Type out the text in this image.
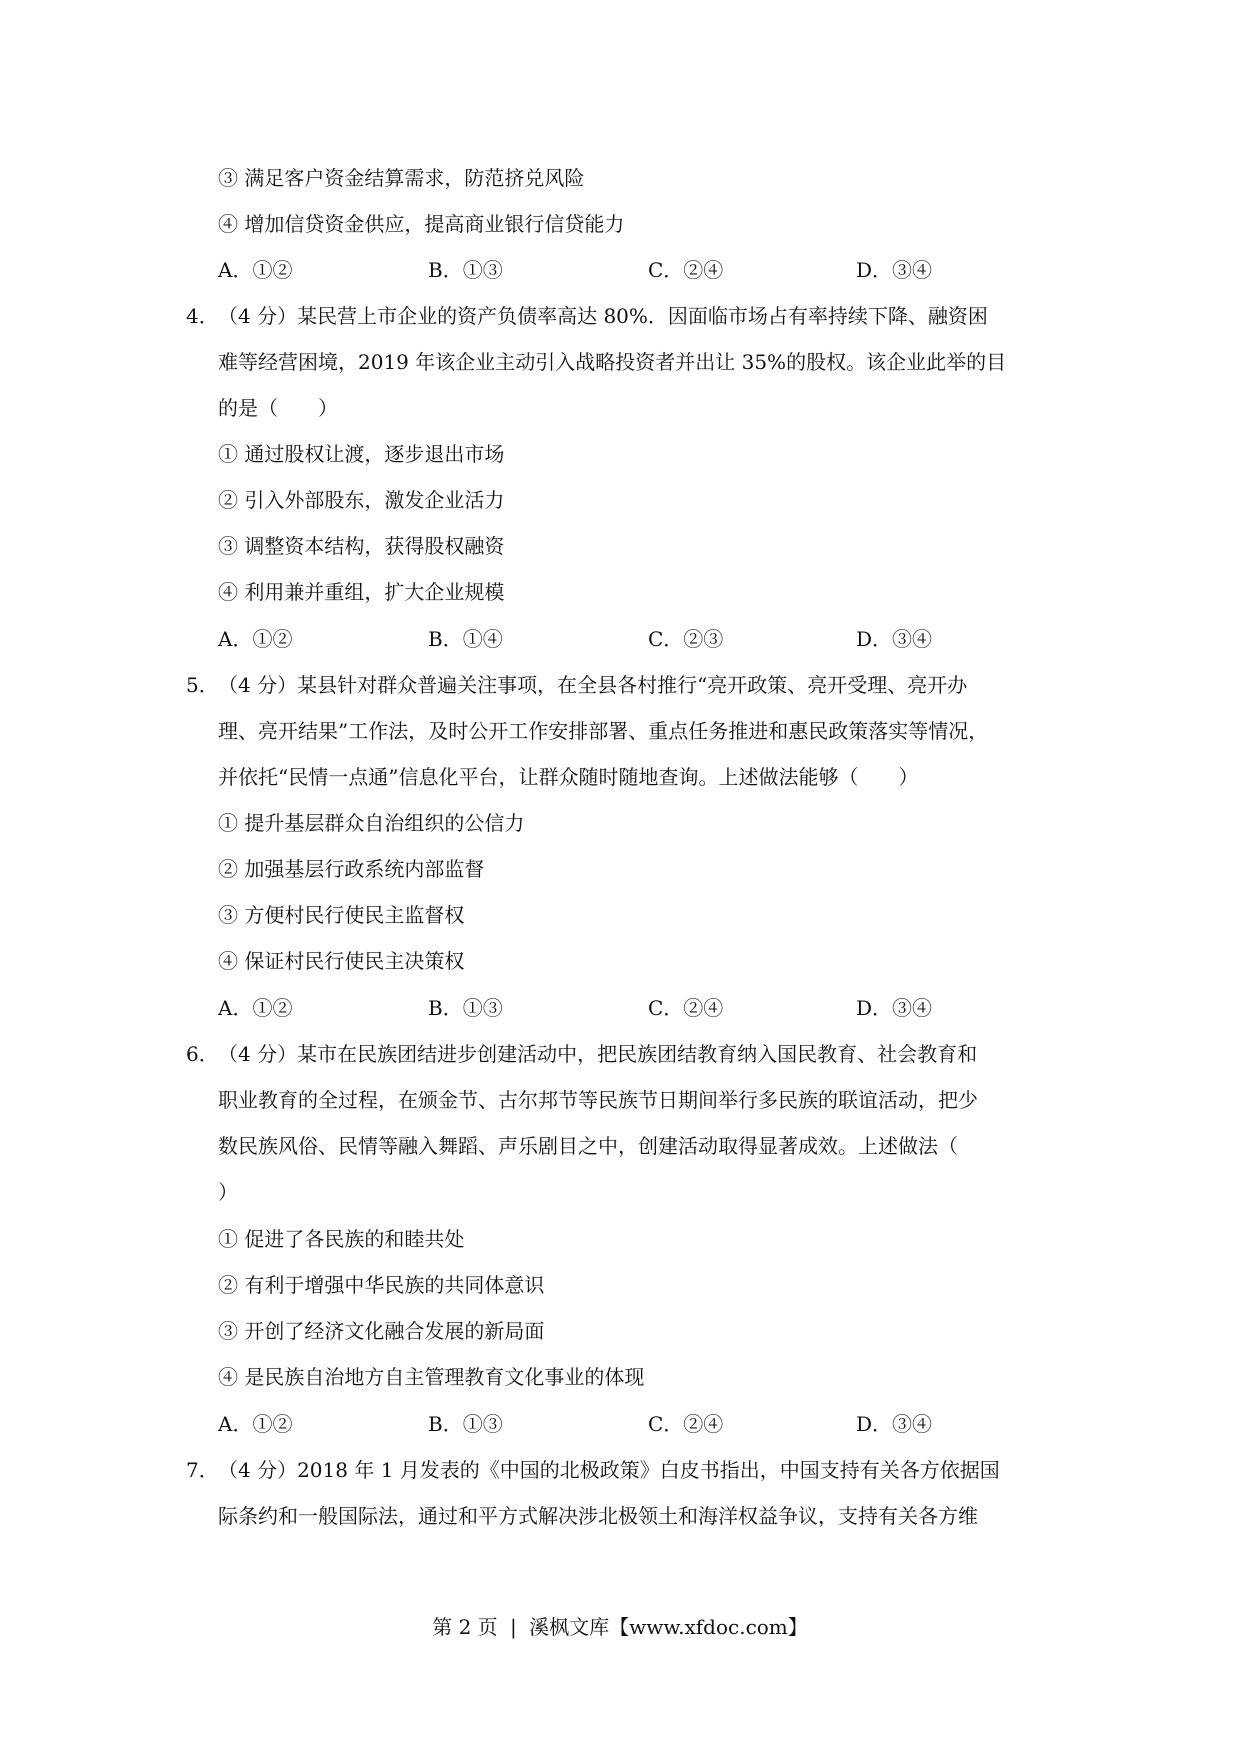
③ 满足客户资金结算需求，防范挤兑风险
④ 增加信贷资金供应，提高商业银行信贷能力
A．①②	B．①③	C．②④	D．③④
4． （4 分）某民营上市企业的资产负债率高达 80%．因面临市场占有率持续下降、融资困
难等经营困境，2019 年该企业主动引入战略投资者并出让 35%的股权。该企业此举的目
的是（　　）
① 通过股权让渡，逐步退出市场
② 引入外部股东，激发企业活力
③ 调整资本结构，获得股权融资
④ 利用兼并重组，扩大企业规模
A．①②	B．①④	C．②③	D．③④
5． （4 分）某县针对群众普遍关注事项，在全县各村推行“亮开政策、亮开受理、亮开办
理、亮开结果”工作法，及时公开工作安排部署、重点任务推进和惠民政策落实等情况，
并依托“民情一点通”信息化平台，让群众随时随地查询。上述做法能够（　　）
① 提升基层群众自治组织的公信力
② 加强基层行政系统内部监督
③ 方便村民行使民主监督权
④ 保证村民行使民主决策权
A．①②	B．①③	C．②④	D．③④
6． （4 分）某市在民族团结进步创建活动中，把民族团结教育纳入国民教育、社会教育和
职业教育的全过程，在颁金节、古尔邦节等民族节日期间举行多民族的联谊活动，把少
数民族风俗、民情等融入舞蹈、声乐剧目之中，创建活动取得显著成效。上述做法（
）
① 促进了各民族的和睦共处
② 有利于增强中华民族的共同体意识
③ 开创了经济文化融合发展的新局面
④ 是民族自治地方自主管理教育文化事业的体现
A．①②	B．①③	C．②④	D．③④
7． （4 分）2018 年 1 月发表的《中国的北极政策》白皮书指出，中国支持有关各方依据国
际条约和一般国际法，通过和平方式解决涉北极领土和海洋权益争议，支持有关各方维
第 2 页 | 溪枫文库【www.xfdoc.com】
